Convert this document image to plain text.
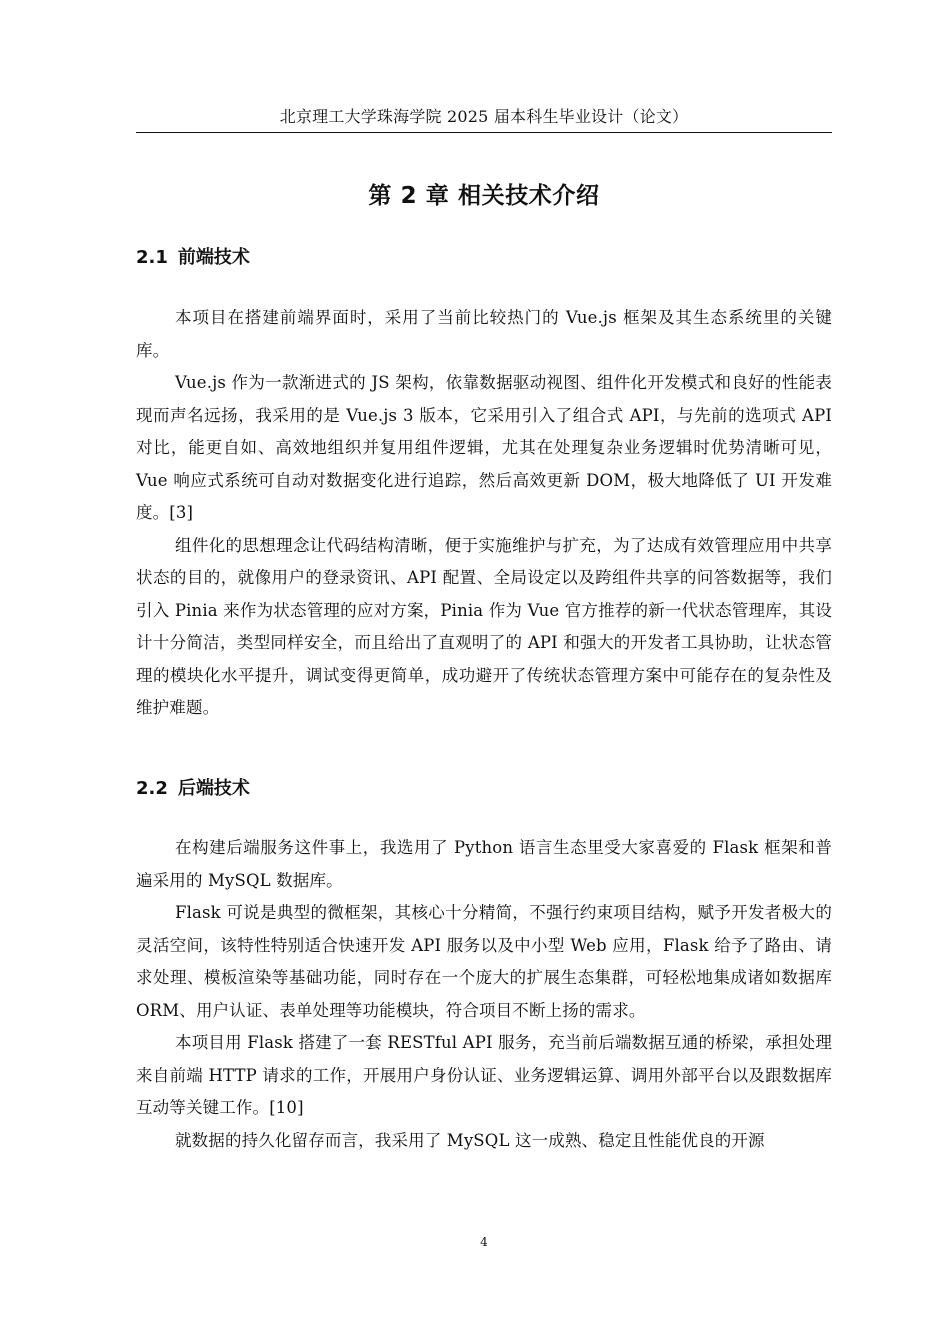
北京理工大学珠海学院 2025 届本科生毕业设计（论文）
第 2 章 相关技术介绍
2.1 前端技术

本项目在搭建前端界面时，采用了当前比较热门的 Vue.js 框架及其生态系统里的关键库。

Vue.js 作为一款渐进式的 JS 架构，依靠数据驱动视图、组件化开发模式和良好的性能表现而声名远扬，我采用的是 Vue.js 3 版本，它采用引入了组合式 API，与先前的选项式 API 对比，能更自如、高效地组织并复用组件逻辑，尤其在处理复杂业务逻辑时优势清晰可见，Vue 响应式系统可自动对数据变化进行追踪，然后高效更新 DOM，极大地降低了 UI 开发难度。[3]

组件化的思想理念让代码结构清晰，便于实施维护与扩充，为了达成有效管理应用中共享状态的目的，就像用户的登录资讯、API 配置、全局设定以及跨组件共享的问答数据等，我们引入 Pinia 来作为状态管理的应对方案，Pinia 作为 Vue 官方推荐的新一代状态管理库，其设计十分简洁，类型同样安全，而且给出了直观明了的 API 和强大的开发者工具协助，让状态管理的模块化水平提升，调试变得更简单，成功避开了传统状态管理方案中可能存在的复杂性及维护难题。

2.2 后端技术

在构建后端服务这件事上，我选用了 Python 语言生态里受大家喜爱的 Flask 框架和普遍采用的 MySQL 数据库。

Flask 可说是典型的微框架，其核心十分精简，不强行约束项目结构，赋予开发者极大的灵活空间，该特性特别适合快速开发 API 服务以及中小型 Web 应用，Flask 给予了路由、请求处理、模板渲染等基础功能，同时存在一个庞大的扩展生态集群，可轻松地集成诸如数据库 ORM、用户认证、表单处理等功能模块，符合项目不断上扬的需求。

本项目用 Flask 搭建了一套 RESTful API 服务，充当前后端数据互通的桥梁，承担处理来自前端 HTTP 请求的工作，开展用户身份认证、业务逻辑运算、调用外部平台以及跟数据库互动等关键工作。[10]

就数据的持久化留存而言，我采用了 MySQL 这一成熟、稳定且性能优良的开源

4
